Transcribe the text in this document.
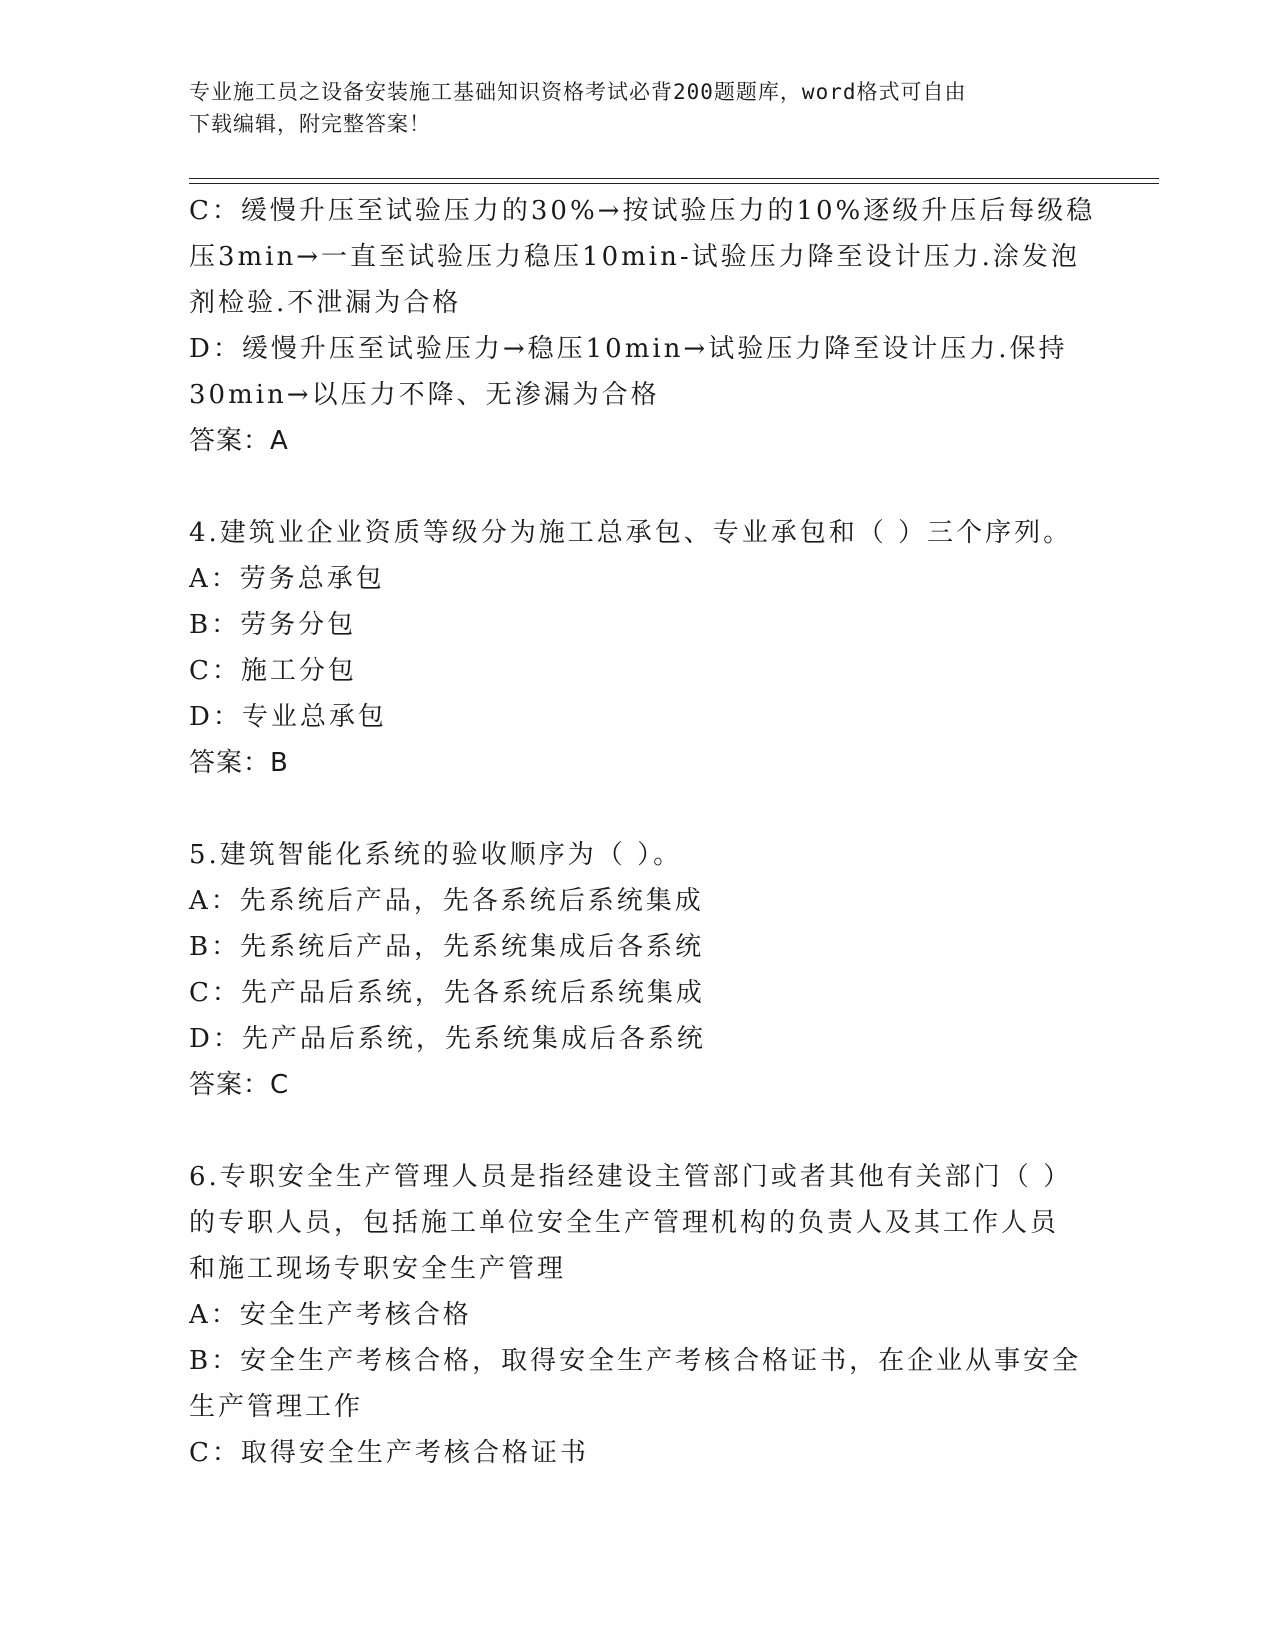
专业施工员之设备安装施工基础知识资格考试必背200题题库，word格式可自由
下载编辑，附完整答案！
C：缓慢升压至试验压力的30%→按试验压力的10%逐级升压后每级稳
压3min→一直至试验压力稳压10min-试验压力降至设计压力.涂发泡
剂检验.不泄漏为合格
D：缓慢升压至试验压力→稳压10min→试验压力降至设计压力.保持
30min→以压力不降、无渗漏为合格
答案：A
4.建筑业企业资质等级分为施工总承包、专业承包和（ ）三个序列。
A：劳务总承包
B：劳务分包
C：施工分包
D：专业总承包
答案：B
5.建筑智能化系统的验收顺序为（ ）。
A：先系统后产品，先各系统后系统集成
B：先系统后产品，先系统集成后各系统
C：先产品后系统，先各系统后系统集成
D：先产品后系统，先系统集成后各系统
答案：C
6.专职安全生产管理人员是指经建设主管部门或者其他有关部门（ ）
的专职人员，包括施工单位安全生产管理机构的负责人及其工作人员
和施工现场专职安全生产管理
A：安全生产考核合格
B：安全生产考核合格，取得安全生产考核合格证书，在企业从事安全
生产管理工作
C：取得安全生产考核合格证书
